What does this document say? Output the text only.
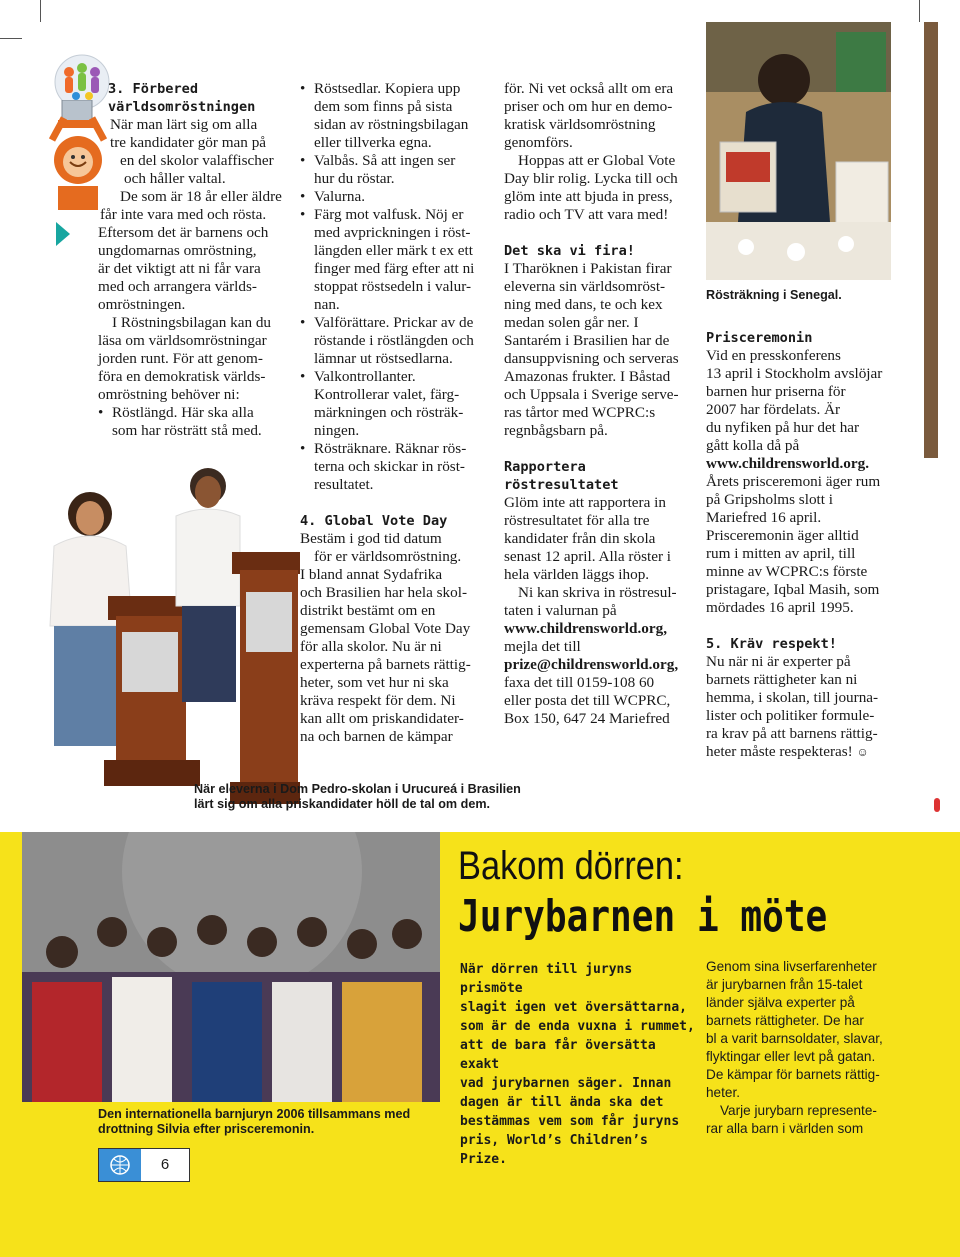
3. Förbered
världsomröstningen

När man lärt sig om alla

tre kandidater gör man på

en del skolor valaffischer

och håller valtal.

De som är 18 år eller äldre

får inte vara med och rösta.

Eftersom det är barnens och

ungdomarnas omröstning,

är det viktigt att ni får vara

med och arrangera världs-

omröstningen.

I Röstningsbilagan kan du

läsa om världsomröstningar

jorden runt. För att genom-

föra en demokratisk världs-

omröstning behöver ni:

• Röstlängd. Här ska alla

som har rösträtt stå med.

• Röstsedlar. Kopiera upp

dem som finns på sista

sidan av röstningsbilagan

eller tillverka egna.

• Valbås. Så att ingen ser

hur du röstar.

• Valurna.

• Färg mot valfusk. Nöj er

med avprickningen i röst-

längden eller märk t ex ett

finger med färg efter att ni

stoppat röstsedeln i valur-

nan.

• Valförättare. Prickar av de

röstande i röstlängden och

lämnar ut röstsedlarna.

• Valkontrollanter.

Kontrollerar valet, färg-

märkningen och rösträk-

ningen.

• Rösträknare. Räknar rös-

terna och skickar in röst-

resultatet.

4. Global Vote Day

Bestäm i god tid datum

för er världsomröstning.

I bland annat Sydafrika

och Brasilien har hela skol-

distrikt bestämt om en

gemensam Global Vote Day

för alla skolor. Nu är ni

experterna på barnets rättig-

heter, som vet hur ni ska

kräva respekt för dem. Ni

kan allt om priskandidater-

na och barnen de kämpar

för. Ni vet också allt om era

priser och om hur en demo-

kratisk världsomröstning

genomförs.

Hoppas att er Global Vote

Day blir rolig. Lycka till och

glöm inte att bjuda in press,

radio och TV att vara med!

Det ska vi fira!

I Tharöknen i Pakistan firar

eleverna sin världsomröst-

ning med dans, te och kex

medan solen går ner. I

Santarém i Brasilien har de

dansuppvisning och serveras

Amazonas frukter. I Båstad

och Uppsala i Sverige serve-

ras tårtor med WCPRC:s

regnbågsbarn på.

Rapportera röstresultatet

Glöm inte att rapportera in

röstresultatet för alla tre

kandidater från din skola

senast 12 april. Alla röster i

hela världen läggs ihop.

Ni kan skriva in röstresul-

taten i valurnan på

www.childrensworld.org,

mejla det till

prize@childrensworld.org,

faxa det till 0159-108 60

eller posta det till WCPRC,

Box 150, 647 24 Mariefred

Rösträkning i Senegal.

Prisceremonin

Vid en presskonferens

13 april i Stockholm avslöjar

barnen hur priserna för

2007 har fördelats. Är

du nyfiken på hur det har

gått kolla då på

www.childrensworld.org.

Årets prisceremoni äger rum

på Gripsholms slott i

Mariefred 16 april.

Prisceremonin äger alltid

rum i mitten av april, till

minne av WCPRC:s förste

pristagare, Iqbal Masih, som

mördades 16 april 1995.

5. Kräv respekt!

Nu när ni är experter på

barnets rättigheter kan ni

hemma, i skolan, till journa-

lister och politiker formule-

ra krav på att barnens rättig-

heter måste respekteras! ☺

När eleverna i Dom Pedro-skolan i Urucureá i Brasilien
lärt sig om alla priskandidater höll de tal om dem.
Bakom dörren:
Jurybarnen i möte
När dörren till juryns prismöte
slagit igen vet översättarna,
som är de enda vuxna i rummet,
att de bara får översätta exakt
vad jurybarnen säger. Innan
dagen är till ända ska det
bestämmas vem som får juryns
pris, World’s Children’s Prize.
Genom sina livserfarenheter
är jurybarnen från 15-talet
länder själva experter på
barnets rättigheter. De har
bl a varit barnsoldater, slavar,
flyktingar eller levt på gatan.
De kämpar för barnets rättig-
heter.
Varje jurybarn represente-
rar alla barn i världen som
Den internationella barnjuryn 2006 tillsammans med
drottning Silvia efter prisceremonin.
6
